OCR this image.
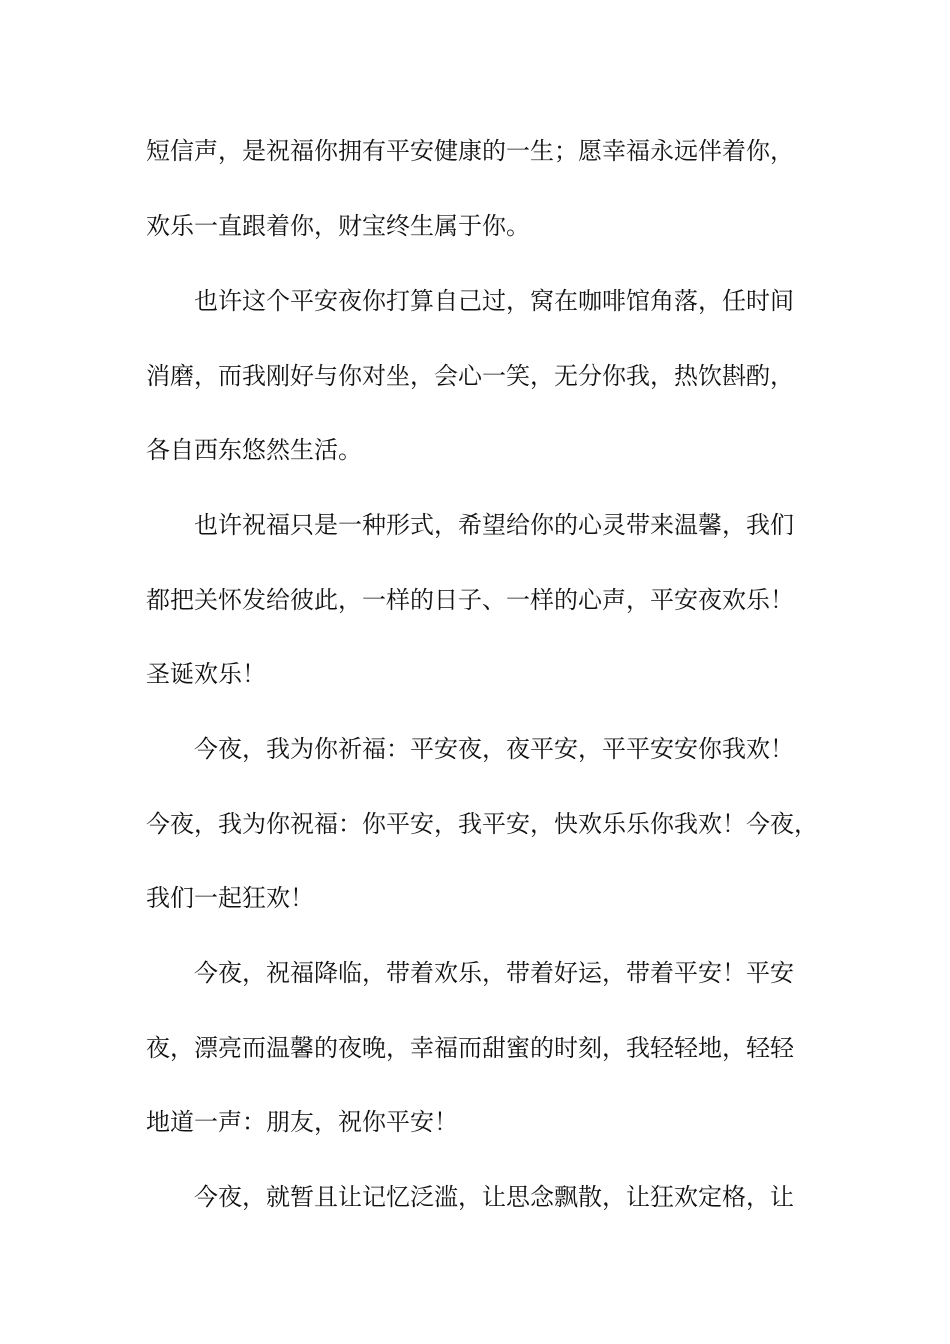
短信声，是祝福你拥有平安健康的一生；愿幸福永远伴着你，
欢乐一直跟着你，财宝终生属于你。
也许这个平安夜你打算自己过，窝在咖啡馆角落，任时间
消磨，而我刚好与你对坐，会心一笑，无分你我，热饮斟酌，
各自西东悠然生活。
也许祝福只是一种形式，希望给你的心灵带来温馨，我们
都把关怀发给彼此，一样的日子、一样的心声，平安夜欢乐！
圣诞欢乐！
今夜，我为你祈福：平安夜，夜平安，平平安安你我欢！
今夜，我为你祝福：你平安，我平安，快欢乐乐你我欢！今夜，
我们一起狂欢！
今夜，祝福降临，带着欢乐，带着好运，带着平安！平安
夜，漂亮而温馨的夜晚，幸福而甜蜜的时刻，我轻轻地，轻轻
地道一声：朋友，祝你平安！
今夜，就暂且让记忆泛滥，让思念飘散，让狂欢定格，让
